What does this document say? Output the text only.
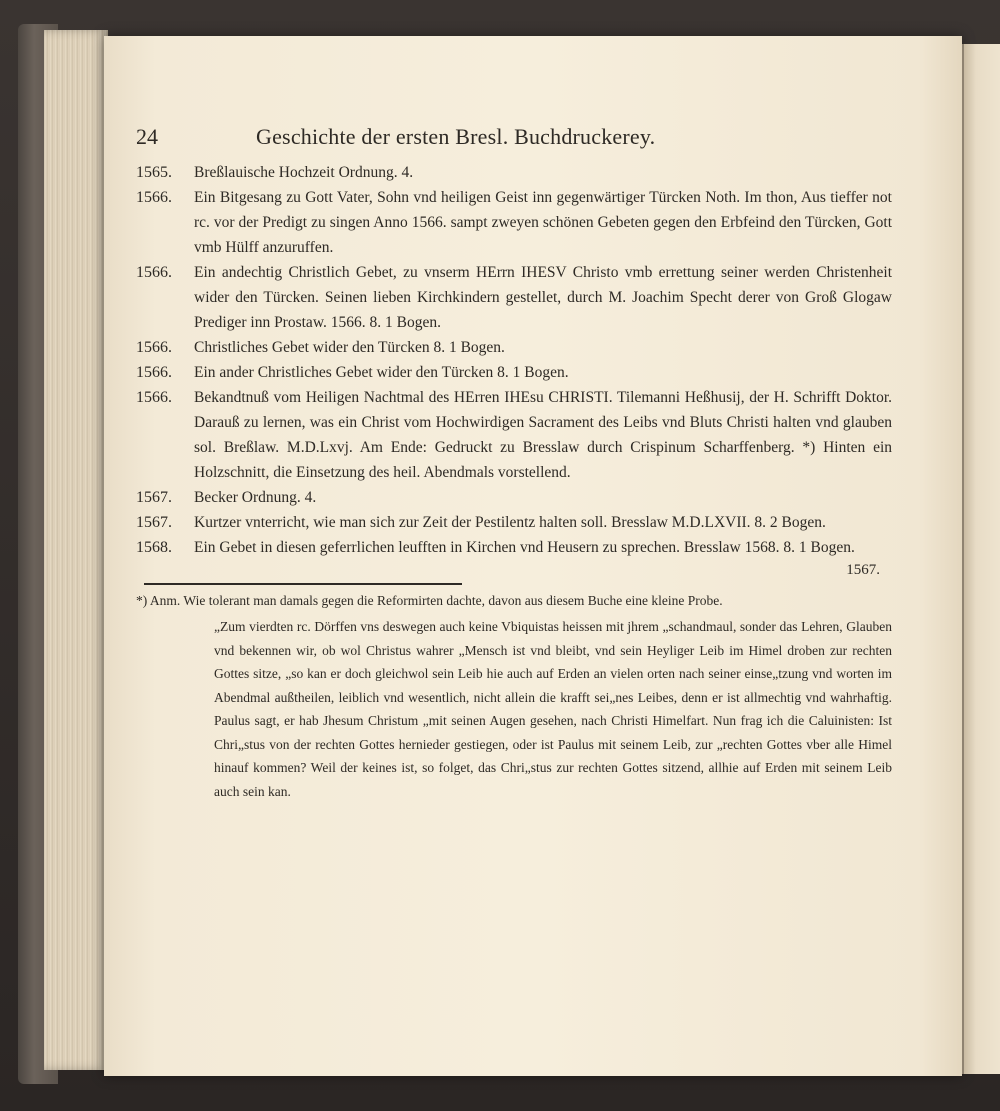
24	Geschichte der ersten Bresl. Buchdruckerey.
1565.	Breßlauische Hochzeit Ordnung. 4.
1566.	Ein Bitgesang zu Gott Vater, Sohn vnd heiligen Geist inn gegenwärtiger Türcken Noth. Im thon, Aus tieffer not rc. vor der Predigt zu singen Anno 1566. sampt zweyen schönen Gebeten gegen den Erbfeind den Türcken, Gott vmb Hülff anzuruffen.
1566.	Ein andechtig Christlich Gebet, zu vnserm HErrn IHESV Christo vmb errettung seiner werden Christenheit wider den Türcken. Seinen lieben Kirchkindern gestellet, durch M. Joachim Specht derer von Groß Glogaw Prediger inn Prostaw. 1566. 8. 1 Bogen.
1566.	Christliches Gebet wider den Türcken 8. 1 Bogen.
1566.	Ein ander Christliches Gebet wider den Türcken 8. 1 Bogen.
1566.	Bekandtnuß vom Heiligen Nachtmal des HErren IHEsu CHRISTI. Tilemanni Heßhusij, der H. Schrifft Doktor. Darauß zu lernen, was ein Christ vom Hochwirdigen Sacrament des Leibs vnd Bluts Christi halten vnd glauben sol. Breßlaw. M.D.Lxvj. Am Ende: Gedruckt zu Bresslaw durch Crispinum Scharffenberg. *) Hinten ein Holzschnitt, die Einsetzung des heil. Abendmals vorstellend.
1567.	Becker Ordnung. 4.
1567.	Kurtzer vnterricht, wie man sich zur Zeit der Pestilentz halten soll. Bresslaw M.D.LXVII. 8. 2 Bogen.
1568.	Ein Gebet in diesen geferrlichen leufften in Kirchen vnd Heusern zu sprechen. Bresslaw 1568. 8. 1 Bogen.
1567.
*) Anm. Wie tolerant man damals gegen die Reformirten dachte, davon aus diesem Buche eine kleine Probe.
„Zum vierdten rc. Dörffen vns deswegen auch keine Vbiquistas heissen mit jhrem „schandmaul, sonder das Lehren, Glauben vnd bekennen wir, ob wol Christus wahrer „Mensch ist vnd bleibt, vnd sein Heyliger Leib im Himel droben zur rechten Gottes sitze, „so kan er doch gleichwol sein Leib hie auch auf Erden an vielen orten nach seiner einse„tzung vnd worten im Abendmal außtheilen, leiblich vnd wesentlich, nicht allein die krafft sei„nes Leibes, denn er ist allmechtig vnd wahrhaftig. Paulus sagt, er hab Jhesum Christum „mit seinen Augen gesehen, nach Christi Himelfart. Nun frag ich die Caluinisten: Ist Chri„stus von der rechten Gottes hernieder gestiegen, oder ist Paulus mit seinem Leib, zur „rechten Gottes vber alle Himel hinauf kommen? Weil der keines ist, so folget, das Chri„stus zur rechten Gottes sitzend, allhie auf Erden mit seinem Leib auch sein kan.
